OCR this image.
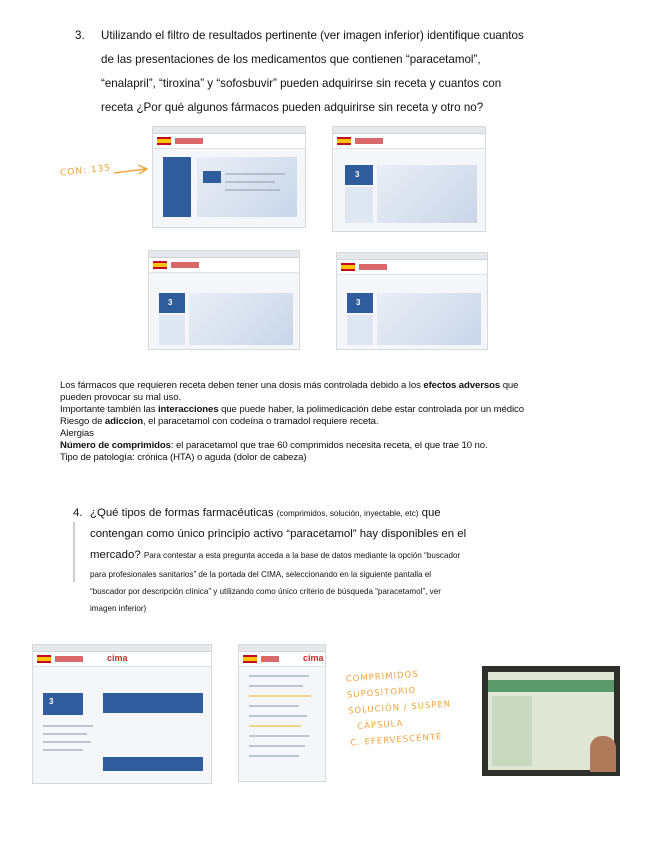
3.	Utilizando el filtro de resultados pertinente (ver imagen inferior) identifique cuantos

de las presentaciones de los medicamentos que contienen “paracetamol”,

“enalapril”, “tiroxina” y “sofosbuvir” pueden adquirirse sin receta y cuantos con

receta ¿Por qué algunos fármacos pueden adquirirse sin receta y otro no?

CON: 135	3
3	3
Los fármacos que requieren receta deben tener una dosis más controlada debido a los efectos adversos que
pueden provocar su mal uso.
Importante también las interacciones que puede haber, la polimedicación debe estar controlada por un médico
Riesgo de adiccion, el paracetamol con codeína o tramadol requiere receta.
Alergias
Número de comprimidos: el paracetamol que trae 60 comprimidos necesita receta, el que trae 10 no.
Tipo de patología: crónica (HTA) o aguda (dolor de cabeza)
4. ¿Qué tipos de formas farmacéuticas (comprimidos, solución, inyectable, etc) que
contengan como único principio activo “paracetamol” hay disponibles en el
mercado? Para contestar a esta pregunta acceda a la base de datos mediante la opción “buscador
para profesionales sanitarios” de la portada del CIMA, seleccionando en la siguiente pantalla el
“buscador por descripción clínica” y utilizando como único criterio de búsqueda “paracetamol”, ver
imagen inferior)
cima
3
cima
COMPRIMIDOS
SUPOSITORIO
SOLUCIÓN / SUSPEN
CÁPSULA
C. EFERVESCENTE
